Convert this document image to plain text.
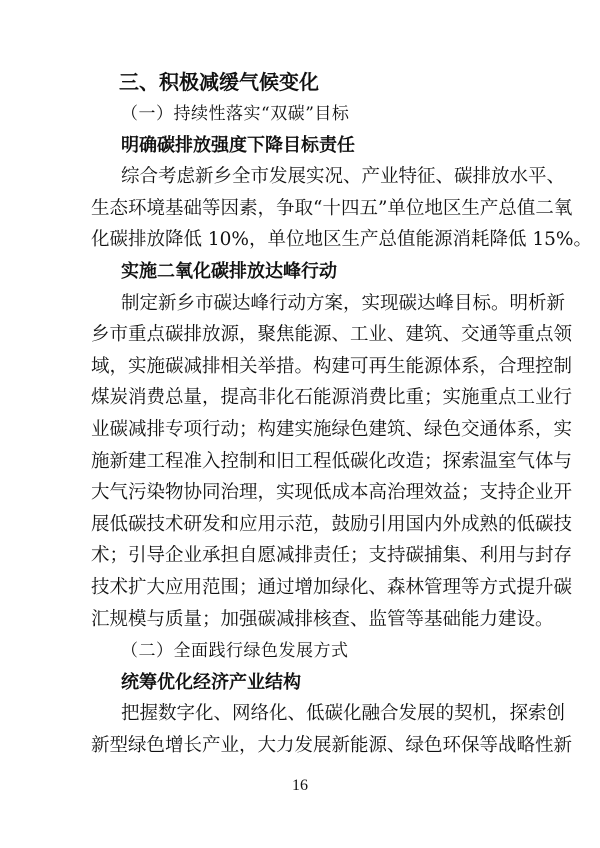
三、积极减缓气候变化
（一）持续性落实“双碳”目标
明确碳排放强度下降目标责任
综合考虑新乡全市发展实况、产业特征、碳排放水平、
生态环境基础等因素，争取“十四五”单位地区生产总值二氧
化碳排放降低 10%，单位地区生产总值能源消耗降低 15%。
实施二氧化碳排放达峰行动
制定新乡市碳达峰行动方案，实现碳达峰目标。明析新
乡市重点碳排放源，聚焦能源、工业、建筑、交通等重点领
域，实施碳减排相关举措。构建可再生能源体系，合理控制
煤炭消费总量，提高非化石能源消费比重；实施重点工业行
业碳减排专项行动；构建实施绿色建筑、绿色交通体系，实
施新建工程准入控制和旧工程低碳化改造；探索温室气体与
大气污染物协同治理，实现低成本高治理效益；支持企业开
展低碳技术研发和应用示范，鼓励引用国内外成熟的低碳技
术；引导企业承担自愿减排责任；支持碳捕集、利用与封存
技术扩大应用范围；通过增加绿化、森林管理等方式提升碳
汇规模与质量；加强碳减排核查、监管等基础能力建设。
（二）全面践行绿色发展方式
统筹优化经济产业结构
把握数字化、网络化、低碳化融合发展的契机，探索创
新型绿色增长产业，大力发展新能源、绿色环保等战略性新
16
